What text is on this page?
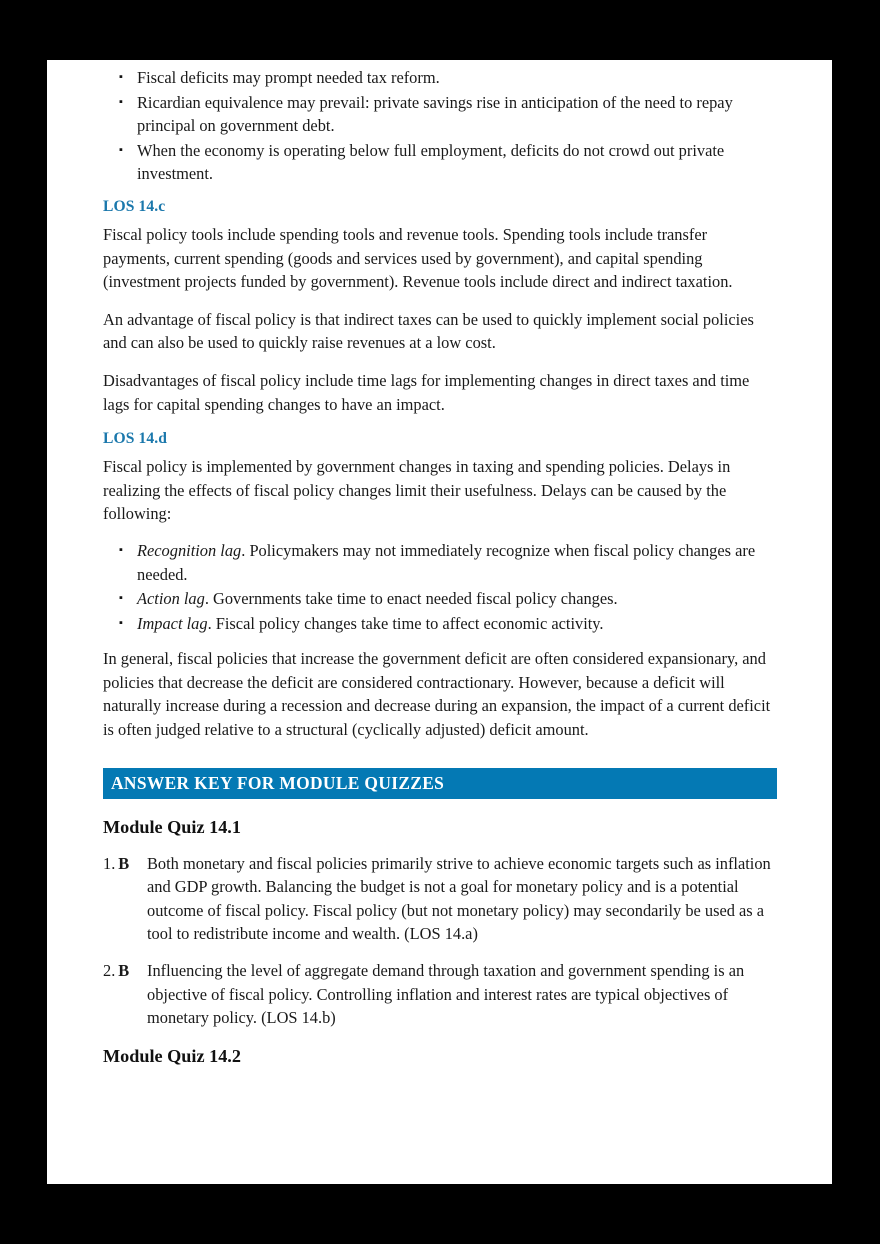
▪ Fiscal deficits may prompt needed tax reform.
▪ Ricardian equivalence may prevail: private savings rise in anticipation of the need to repay principal on government debt.
▪ When the economy is operating below full employment, deficits do not crowd out private investment.
LOS 14.c

Fiscal policy tools include spending tools and revenue tools. Spending tools include transfer payments, current spending (goods and services used by government), and capital spending (investment projects funded by government). Revenue tools include direct and indirect taxation.

An advantage of fiscal policy is that indirect taxes can be used to quickly implement social policies and can also be used to quickly raise revenues at a low cost.

Disadvantages of fiscal policy include time lags for implementing changes in direct taxes and time lags for capital spending changes to have an impact.

LOS 14.d

Fiscal policy is implemented by government changes in taxing and spending policies. Delays in realizing the effects of fiscal policy changes limit their usefulness. Delays can be caused by the following:

▪ Recognition lag. Policymakers may not immediately recognize when fiscal policy changes are needed.
▪ Action lag. Governments take time to enact needed fiscal policy changes.
▪ Impact lag. Fiscal policy changes take time to affect economic activity.

In general, fiscal policies that increase the government deficit are often considered expansionary, and policies that decrease the deficit are considered contractionary. However, because a deficit will naturally increase during a recession and decrease during an expansion, the impact of a current deficit is often judged relative to a structural (cyclically adjusted) deficit amount.

ANSWER KEY FOR MODULE QUIZZES
Module Quiz 14.1
1. B	Both monetary and fiscal policies primarily strive to achieve economic targets such as inflation and GDP growth. Balancing the budget is not a goal for monetary policy and is a potential outcome of fiscal policy. Fiscal policy (but not monetary policy) may secondarily be used as a tool to redistribute income and wealth. (LOS 14.a)
2. B	Influencing the level of aggregate demand through taxation and government spending is an objective of fiscal policy. Controlling inflation and interest rates are typical objectives of monetary policy. (LOS 14.b)
Module Quiz 14.2
